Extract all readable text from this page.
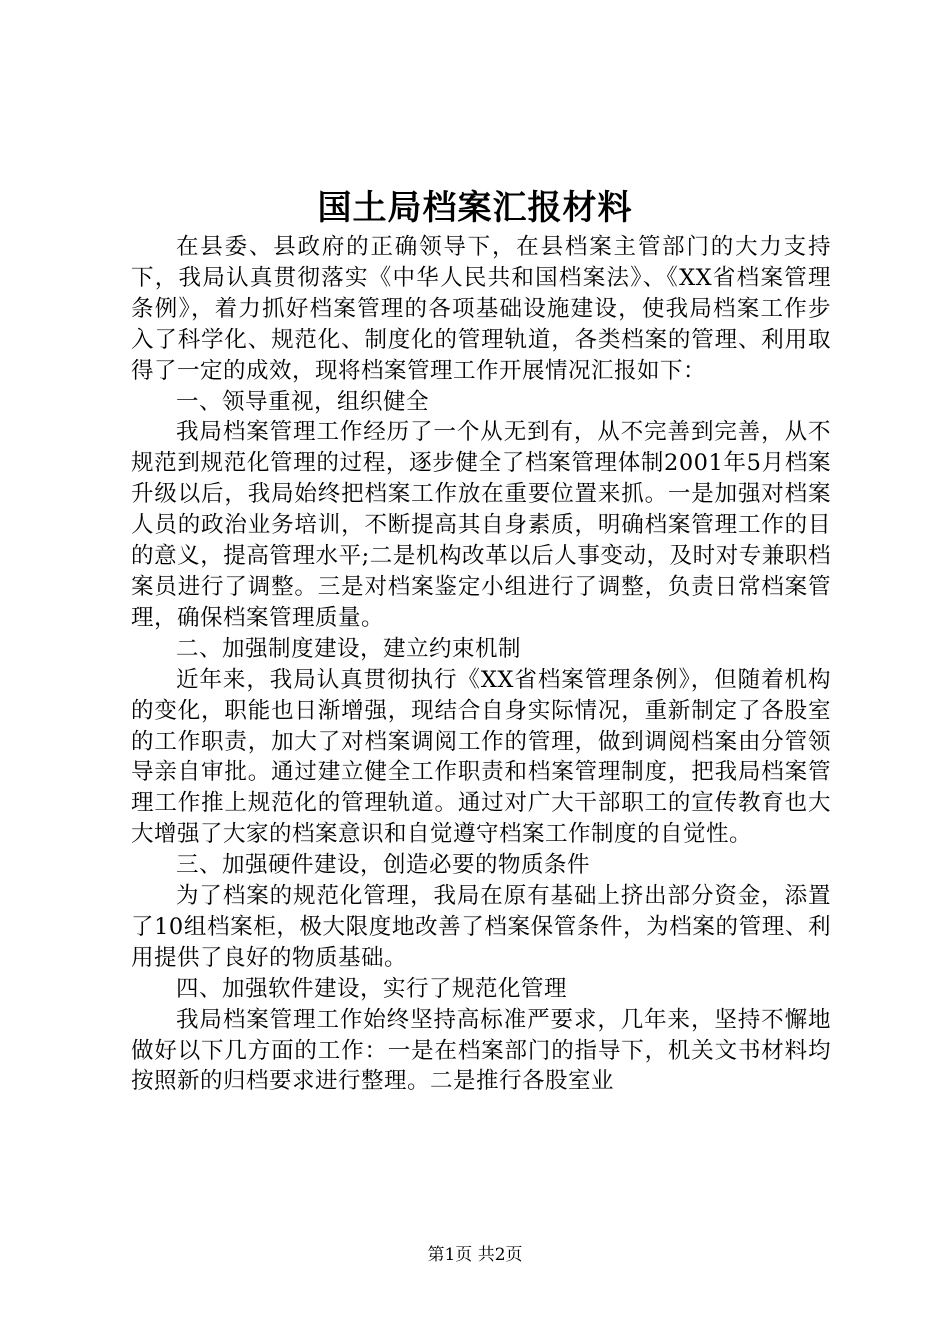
国土局档案汇报材料

在县委、县政府的正确领导下，在县档案主管部门的大力支持下，我局认真贯彻落实《中华人民共和国档案法》、《XX省档案管理条例》，着力抓好档案管理的各项基础设施建设，使我局档案工作步入了科学化、规范化、制度化的管理轨道，各类档案的管理、利用取得了一定的成效，现将档案管理工作开展情况汇报如下：

一、领导重视，组织健全

我局档案管理工作经历了一个从无到有，从不完善到完善，从不规范到规范化管理的过程，逐步健全了档案管理体制2001年5月档案升级以后，我局始终把档案工作放在重要位置来抓。一是加强对档案人员的政治业务培训，不断提高其自身素质，明确档案管理工作的目的意义，提高管理水平;二是机构改革以后人事变动，及时对专兼职档案员进行了调整。三是对档案鉴定小组进行了调整，负责日常档案管理，确保档案管理质量。

二、加强制度建设，建立约束机制

近年来，我局认真贯彻执行《XX省档案管理条例》，但随着机构的变化，职能也日渐增强，现结合自身实际情况，重新制定了各股室的工作职责，加大了对档案调阅工作的管理，做到调阅档案由分管领导亲自审批。通过建立健全工作职责和档案管理制度，把我局档案管理工作推上规范化的管理轨道。通过对广大干部职工的宣传教育也大大增强了大家的档案意识和自觉遵守档案工作制度的自觉性。

三、加强硬件建设，创造必要的物质条件

为了档案的规范化管理，我局在原有基础上挤出部分资金，添置了10组档案柜，极大限度地改善了档案保管条件，为档案的管理、利用提供了良好的物质基础。

四、加强软件建设，实行了规范化管理

我局档案管理工作始终坚持高标准严要求，几年来，坚持不懈地做好以下几方面的工作：一是在档案部门的指导下，机关文书材料均按照新的归档要求进行整理。二是推行各股室业

第1页 共2页
